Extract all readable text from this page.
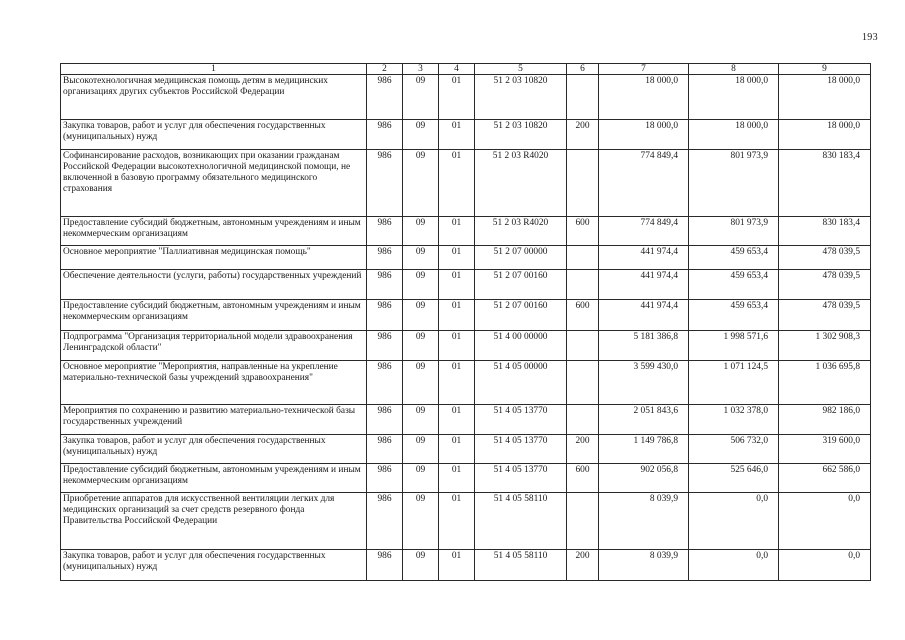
193
1	2	3	4	5	6	7	8	9
Высокотехнологичная медицинская помощь детям в медицинских организациях других субъектов Российской Федерации	986	09	01	51 2 03 10820		18 000,0	18 000,0	18 000,0
Закупка товаров, работ и услуг для обеспечения государственных (муниципальных) нужд	986	09	01	51 2 03 10820	200	18 000,0	18 000,0	18 000,0
Софинансирование расходов, возникающих при оказании гражданам Российской Федерации высокотехнологичной медицинской помощи, не включенной в базовую программу обязательного медицинского страхования	986	09	01	51 2 03 R4020		774 849,4	801 973,9	830 183,4
Предоставление субсидий бюджетным, автономным учреждениям и иным некоммерческим организациям	986	09	01	51 2 03 R4020	600	774 849,4	801 973,9	830 183,4
Основное мероприятие "Паллиативная медицинская помощь"	986	09	01	51 2 07 00000		441 974,4	459 653,4	478 039,5
Обеспечение деятельности (услуги, работы) государственных учреждений	986	09	01	51 2 07 00160		441 974,4	459 653,4	478 039,5
Предоставление субсидий бюджетным, автономным учреждениям и иным некоммерческим организациям	986	09	01	51 2 07 00160	600	441 974,4	459 653,4	478 039,5
Подпрограмма "Организация территориальной модели здравоохранения Ленинградской области"	986	09	01	51 4 00 00000		5 181 386,8	1 998 571,6	1 302 908,3
Основное мероприятие "Мероприятия, направленные на укрепление материально-технической базы учреждений здравоохранения"	986	09	01	51 4 05 00000		3 599 430,0	1 071 124,5	1 036 695,8
Мероприятия по сохранению и развитию материально-технической базы государственных учреждений	986	09	01	51 4 05 13770		2 051 843,6	1 032 378,0	982 186,0
Закупка товаров, работ и услуг для обеспечения государственных (муниципальных) нужд	986	09	01	51 4 05 13770	200	1 149 786,8	506 732,0	319 600,0
Предоставление субсидий бюджетным, автономным учреждениям и иным некоммерческим организациям	986	09	01	51 4 05 13770	600	902 056,8	525 646,0	662 586,0
Приобретение аппаратов для искусственной вентиляции легких для медицинских организаций за счет средств резервного фонда Правительства Российской Федерации	986	09	01	51 4 05 58110		8 039,9	0,0	0,0
Закупка товаров, работ и услуг для обеспечения государственных (муниципальных) нужд	986	09	01	51 4 05 58110	200	8 039,9	0,0	0,0
